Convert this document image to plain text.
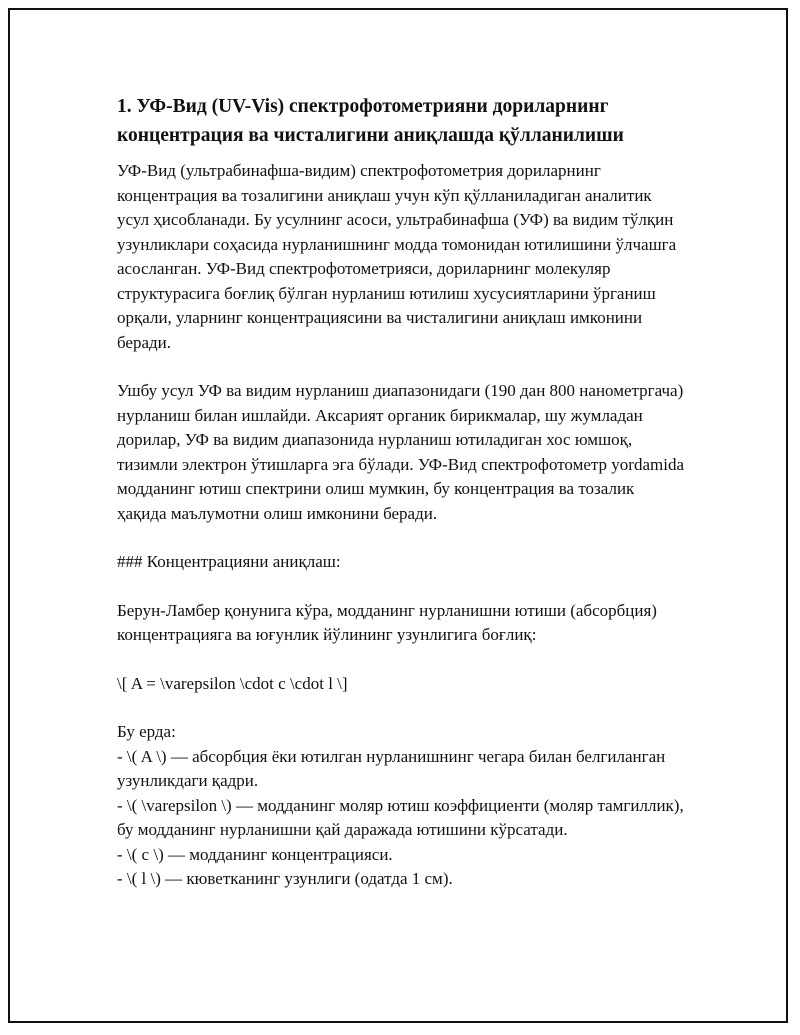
1. УФ-Вид (UV-Vis) спектрофотометрияни дориларнинг концентрация ва чисталигини аниқлашда қўлланилиши

УФ-Вид (ультрабинафша-видим) спектрофотометрия дориларнинг концентрация ва тозалигини аниқлаш учун кўп қўлланиладиган аналитик усул ҳисобланади. Бу усулнинг асоси, ультрабинафша (УФ) ва видим тўлқин узунликлари соҳасида нурланишнинг модда томонидан ютилишини ўлчашга асосланган. УФ-Вид спектрофотометрияси, дориларнинг молекуляр структурасига боғлиқ бўлган нурланиш ютилиш хусусиятларини ўрганиш орқали, уларнинг концентрациясини ва чисталигини аниқлаш имконини беради.

Ушбу усул УФ ва видим нурланиш диапазонидаги (190 дан 800 нанометргача) нурланиш билан ишлайди. Аксарият органик бирикмалар, шу жумладан дорилар, УФ ва видим диапазонида нурланиш ютиладиган хос юмшоқ, тизимли электрон ўтишларга эга бўлади. УФ-Вид спектрофотометр yordamida модданинг ютиш спектрини олиш мумкин, бу концентрация ва тозалик ҳақида маълумотни олиш имконини беради.

### Концентрацияни аниқлаш:

Берун-Ламбер қонунига кўра, модданинг нурланишни ютиши (абсорбция) концентрацияга ва юғунлик йўлининг узунлигига боғлиқ:

\[ A = \varepsilon \cdot c \cdot l \]

Бу ерда:

- \( A \) — абсорбция ёки ютилган нурланишнинг чегара билан белгиланган узунликдаги қадри.

- \( \varepsilon \) — модданинг моляр ютиш коэффициенти (моляр тамгиллик), бу модданинг нурланишни қай даражада ютишини кўрсатади.

- \( c \) — модданинг концентрацияси.

- \( l \) — кюветканинг узунлиги (одатда 1 см).
